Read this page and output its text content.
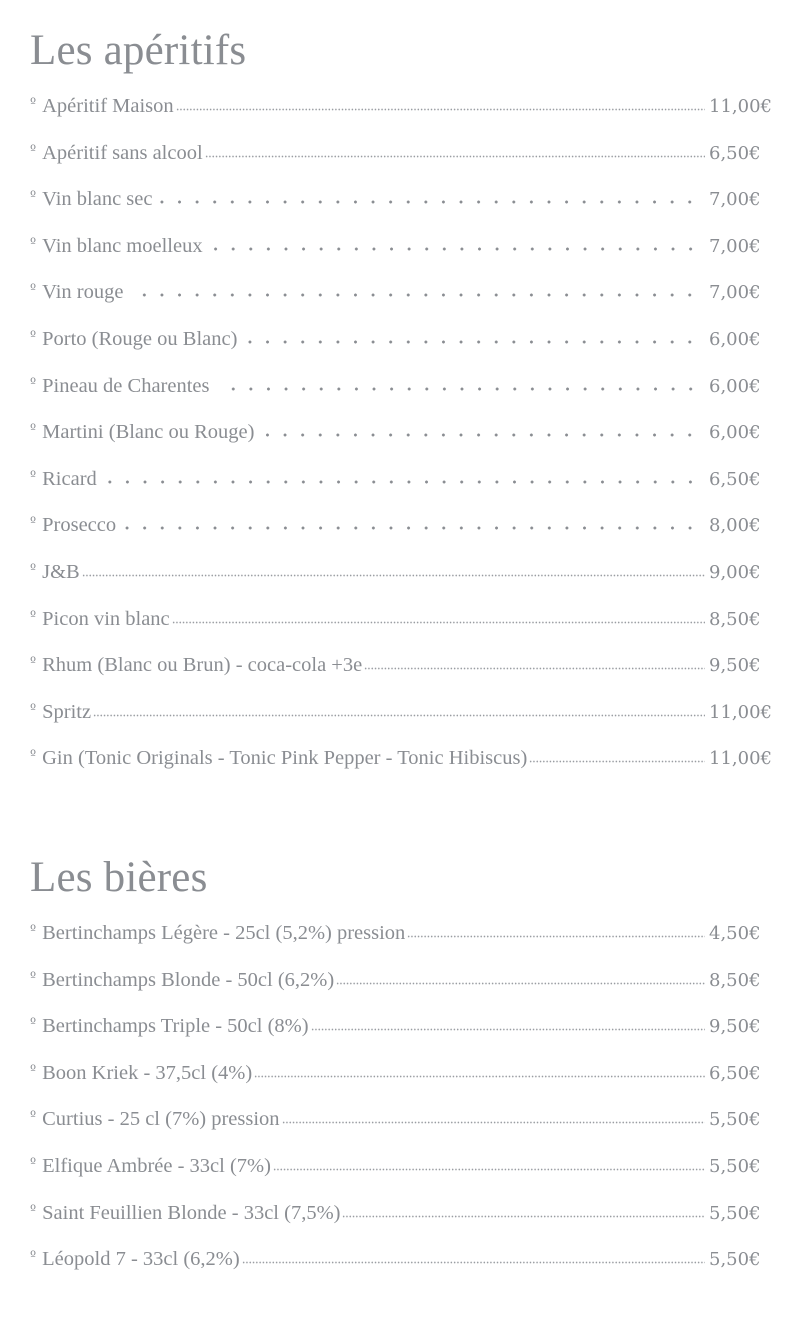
Les apéritifs
º Apéritif Maison	11,00€
º Apéritif sans alcool	6,50€
º Vin blanc sec	7,00€
º Vin blanc moelleux	7,00€
º Vin rouge	7,00€
º Porto (Rouge ou Blanc)	6,00€
º Pineau de Charentes	6,00€
º Martini (Blanc ou Rouge)	6,00€
º Ricard	6,50€
º Prosecco	8,00€
º J&B	9,00€
º Picon vin blanc	8,50€
º Rhum (Blanc ou Brun) - coca-cola +3e	9,50€
º Spritz	11,00€
º Gin (Tonic Originals - Tonic Pink Pepper - Tonic Hibiscus)	11,00€
Les bières
º Bertinchamps Légère - 25cl (5,2%) pression	4,50€
º Bertinchamps Blonde - 50cl (6,2%)	8,50€
º Bertinchamps Triple - 50cl (8%)	9,50€
º Boon Kriek - 37,5cl (4%)	6,50€
º Curtius - 25 cl (7%) pression	5,50€
º Elfique Ambrée - 33cl (7%)	5,50€
º Saint Feuillien Blonde - 33cl (7,5%)	5,50€
º Léopold 7 - 33cl (6,2%)	5,50€
